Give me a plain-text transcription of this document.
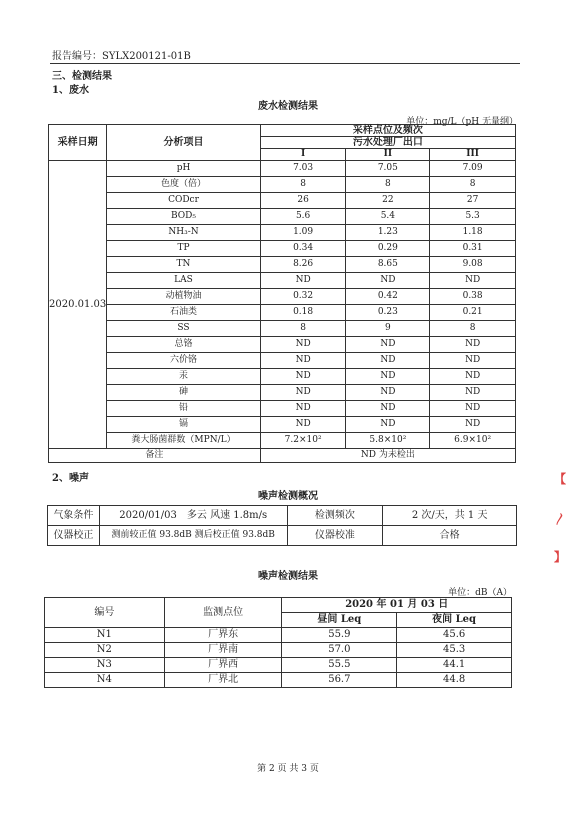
报告编号：SYLX200121-01B
三、检测结果
1、废水
废水检测结果
单位：mg/L（pH 无量纲）
采样日期	分析项目	采样点位及频次		
		污水处理厂出口		
		I	II	III
2020.01.03	pH	7.03	7.05	7.09
	色度（倍）	8	8	8
	CODcr	26	22	27
	BOD₅	5.6	5.4	5.3
	NH₃-N	1.09	1.23	1.18
	TP	0.34	0.29	0.31
	TN	8.26	8.65	9.08
	LAS	ND	ND	ND
	动植物油	0.32	0.42	0.38
	石油类	0.18	0.23	0.21
	SS	8	9	8
	总铬	ND	ND	ND
	六价铬	ND	ND	ND
	汞	ND	ND	ND
	砷	ND	ND	ND
	铅	ND	ND	ND
	镉	ND	ND	ND
	粪大肠菌群数（MPN/L）	7.2×10²	5.8×10²	6.9×10²
备注		ND 为未检出		
2、噪声
噪声检测概况
气象条件	2020/01/03　多云 风速 1.8m/s	检测频次	2 次/天，共 1 天
仪器校正	测前较正值 93.8dB 测后校正值 93.8dB	仪器校准	合格
噪声检测结果
单位：dB（A）
编号	监测点位	2020 年 01 月 03 日	
		昼间 Leq	夜间 Leq
N1	厂界东	55.9	45.6
N2	厂界南	57.0	45.3
N3	厂界西	55.5	44.1
N4	厂界北	56.7	44.8
第 2 页 共 3 页
【
〳
】
